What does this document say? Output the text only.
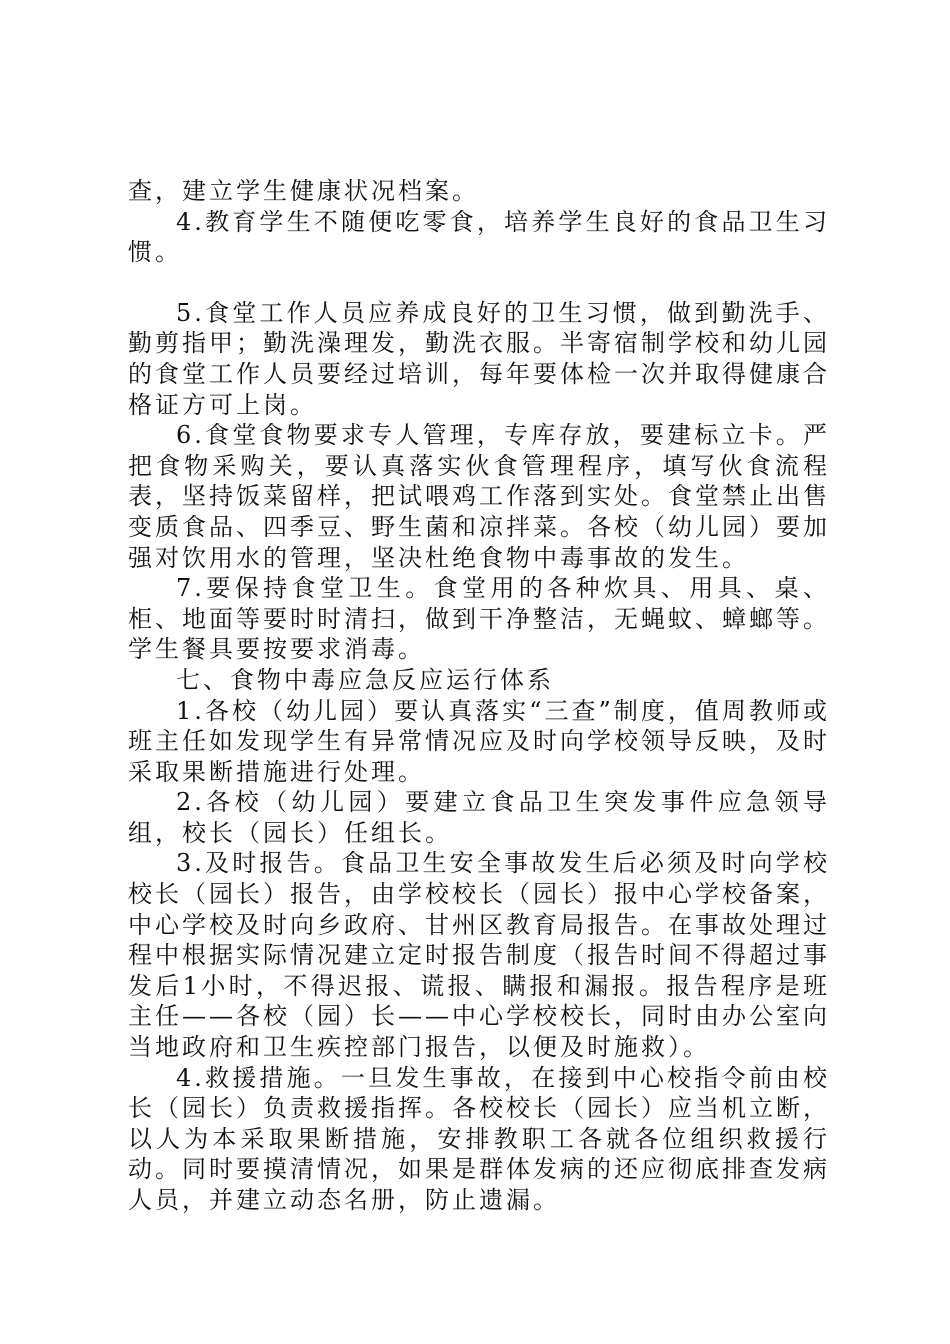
查，建立学生健康状况档案。

4.教育学生不随便吃零食，培养学生良好的食品卫生习惯。

5.食堂工作人员应养成良好的卫生习惯，做到勤洗手、勤剪指甲；勤洗澡理发，勤洗衣服。半寄宿制学校和幼儿园的食堂工作人员要经过培训，每年要体检一次并取得健康合格证方可上岗。

6.食堂食物要求专人管理，专库存放，要建标立卡。严把食物采购关，要认真落实伙食管理程序，填写伙食流程表，坚持饭菜留样，把试喂鸡工作落到实处。食堂禁止出售变质食品、四季豆、野生菌和凉拌菜。各校（幼儿园）要加强对饮用水的管理，坚决杜绝食物中毒事故的发生。

7.要保持食堂卫生。食堂用的各种炊具、用具、桌、柜、地面等要时时清扫，做到干净整洁，无蝇蚊、蟑螂等。学生餐具要按要求消毒。

七、食物中毒应急反应运行体系

1.各校（幼儿园）要认真落实“三查”制度，值周教师或班主任如发现学生有异常情况应及时向学校领导反映，及时采取果断措施进行处理。

2.各校（幼儿园）要建立食品卫生突发事件应急领导组，校长（园长）任组长。

3.及时报告。食品卫生安全事故发生后必须及时向学校校长（园长）报告，由学校校长（园长）报中心学校备案，中心学校及时向乡政府、甘州区教育局报告。在事故处理过程中根据实际情况建立定时报告制度（报告时间不得超过事发后1小时，不得迟报、谎报、瞒报和漏报。报告程序是班主任——各校（园）长——中心学校校长，同时由办公室向当地政府和卫生疾控部门报告，以便及时施救）。

4.救援措施。一旦发生事故，在接到中心校指令前由校长（园长）负责救援指挥。各校校长（园长）应当机立断，以人为本采取果断措施，安排教职工各就各位组织救援行动。同时要摸清情况，如果是群体发病的还应彻底排查发病人员，并建立动态名册，防止遗漏。
